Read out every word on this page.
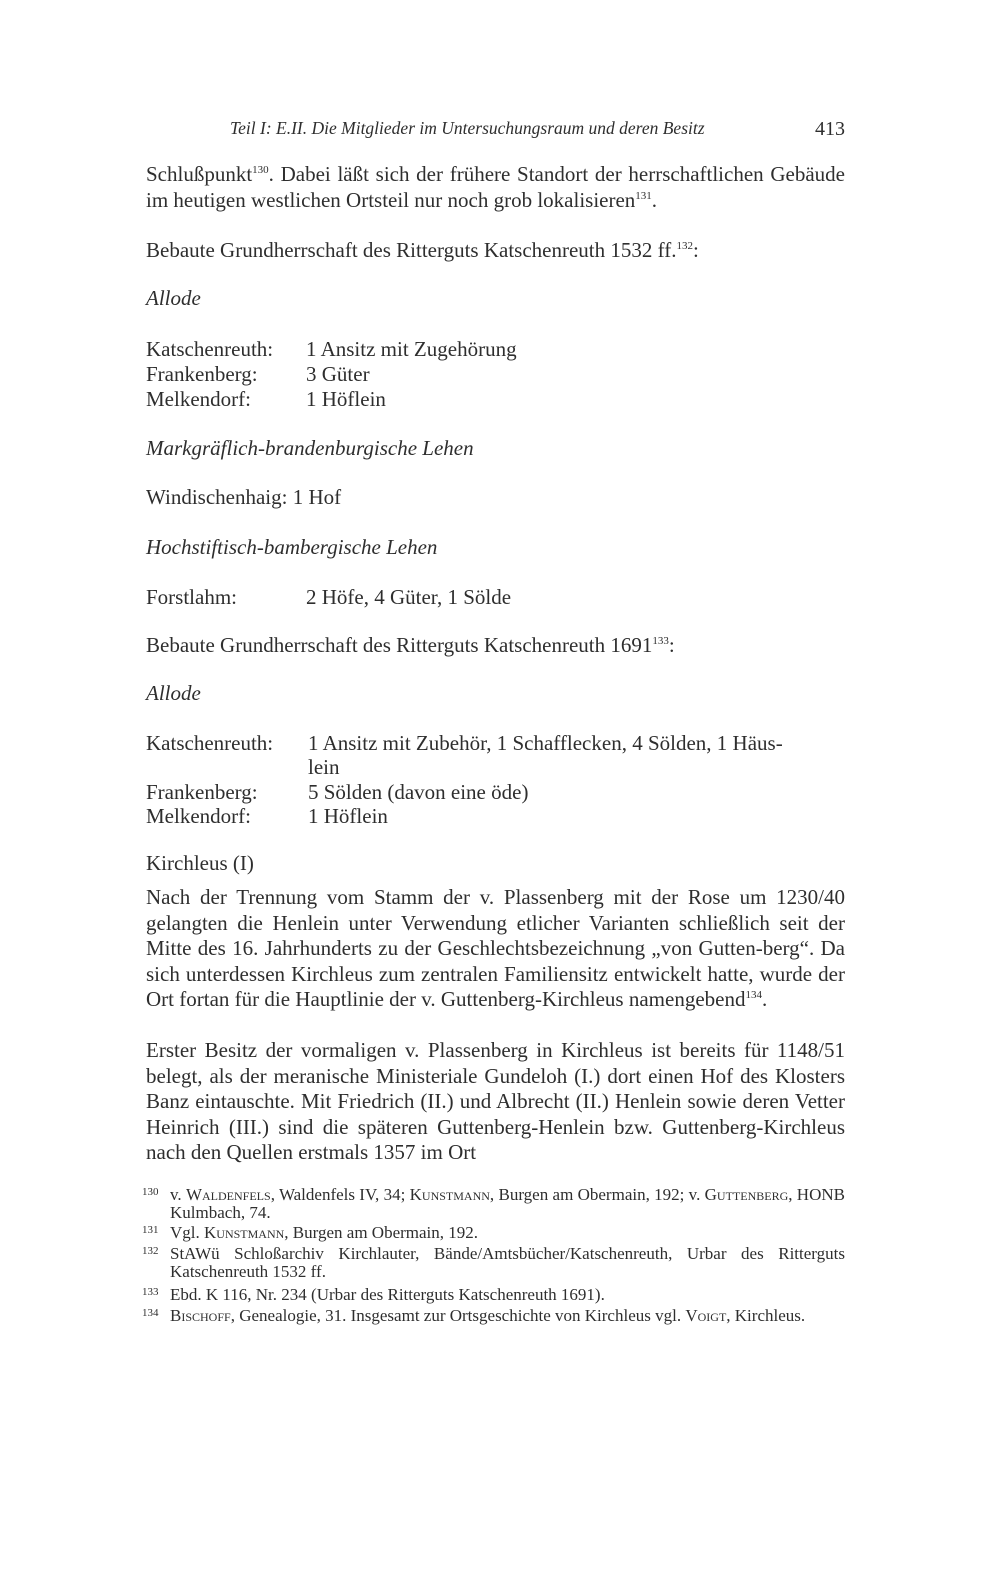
Teil I: E.II. Die Mitglieder im Untersuchungsraum und deren Besitz	413
Schlußpunkt$^{130}$. Dabei läßt sich der frühere Standort der herrschaftlichen Gebäude im heutigen westlichen Ortsteil nur noch grob lokalisieren$^{131}$.
Bebaute Grundherrschaft des Ritterguts Katschenreuth 1532 ff.$^{132}$:
Allode
Katschenreuth: 1 Ansitz mit Zugehörung
Frankenberg: 3 Güter
Melkendorf:	1 Höflein
Markgräflich-brandenburgische Lehen
Windischenhaig: 1 Hof
Hochstiftisch-bambergische Lehen
Forstlahm:	2 Höfe, 4 Güter, 1 Sölde
Bebaute Grundherrschaft des Ritterguts Katschenreuth 1691$^{133}$:
Allode
Katschenreuth: 1 Ansitz mit Zubehör, 1 Schafflecken, 4 Sölden, 1 Häus-
lein
Frankenberg: 5 Sölden (davon eine öde)
Melkendorf:	1 Höflein
Kirchleus (I)
Nach der Trennung vom Stamm der v. Plassenberg mit der Rose um 1230/40 gelangten die Henlein unter Verwendung etlicher Varianten schließlich seit der Mitte des 16. Jahrhunderts zu der Geschlechtsbezeichnung „von Gutten-berg“. Da sich unterdessen Kirchleus zum zentralen Familiensitz entwickelt hatte, wurde der Ort fortan für die Hauptlinie der v. Guttenberg-Kirchleus namengebend$^{134}$.
Erster Besitz der vormaligen v. Plassenberg in Kirchleus ist bereits für 1148/51 belegt, als der meranische Ministeriale Gundeloh (I.) dort einen Hof des Klosters Banz eintauschte. Mit Friedrich (II.) und Albrecht (II.) Henlein sowie deren Vetter Heinrich (III.) sind die späteren Guttenberg-Henlein bzw. Guttenberg-Kirchleus nach den Quellen erstmals 1357 im Ort
130 v. Waldenfels, Waldenfels IV, 34; Kunstmann, Burgen am Obermain, 192; v. Guttenberg, HONB Kulmbach, 74.
131 Vgl. Kunstmann, Burgen am Obermain, 192.
132 StAWü Schloßarchiv Kirchlauter, Bände/Amtsbücher/Katschenreuth, Urbar des Ritterguts Katschenreuth 1532 ff.
133 Ebd. K 116, Nr. 234 (Urbar des Ritterguts Katschenreuth 1691).
134 Bischoff, Genealogie, 31. Insgesamt zur Ortsgeschichte von Kirchleus vgl. Voigt, Kirchleus.
